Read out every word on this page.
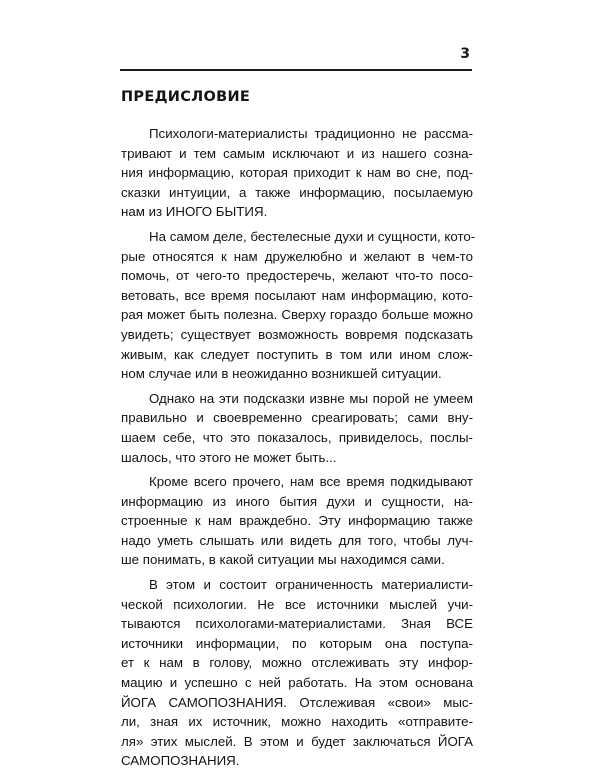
3
ПРЕДИСЛОВИЕ
Психологи-материалисты традиционно не рассма-
тривают и тем самым исключают и из нашего созна-
ния информацию, которая приходит к нам во сне, под-
сказки интуиции, а также информацию, посылаемую
нам из ИНОГО БЫТИЯ.
На самом деле, бестелесные духи и сущности, кото-
рые относятся к нам дружелюбно и желают в чем-то
помочь, от чего-то предостеречь, желают что-то посо-
ветовать, все время посылают нам информацию, кото-
рая может быть полезна. Сверху гораздо больше можно
увидеть; существует возможность вовремя подсказать
живым, как следует поступить в том или ином слож-
ном случае или в неожиданно возникшей ситуации.
Однако на эти подсказки извне мы порой не умеем
правильно и своевременно среагировать; сами вну-
шаем себе, что это показалось, привиделось, послы-
шалось, что этого не может быть...
Кроме всего прочего, нам все время подкидывают
информацию из иного бытия духи и сущности, на-
строенные к нам враждебно. Эту информацию также
надо уметь слышать или видеть для того, чтобы луч-
ше понимать, в какой ситуации мы находимся сами.
В этом и состоит ограниченность материалисти-
ческой психологии. Не все источники мыслей учи-
тываются психологами-материалистами. Зная ВСЕ
источники информации, по которым она поступа-
ет к нам в голову, можно отслеживать эту инфор-
мацию и успешно с ней работать. На этом основана
ЙОГА САМОПОЗНАНИЯ. Отслеживая «свои» мыс-
ли, зная их источник, можно находить «отправите-
ля» этих мыслей. В этом и будет заключаться ЙОГА
САМОПОЗНАНИЯ.
